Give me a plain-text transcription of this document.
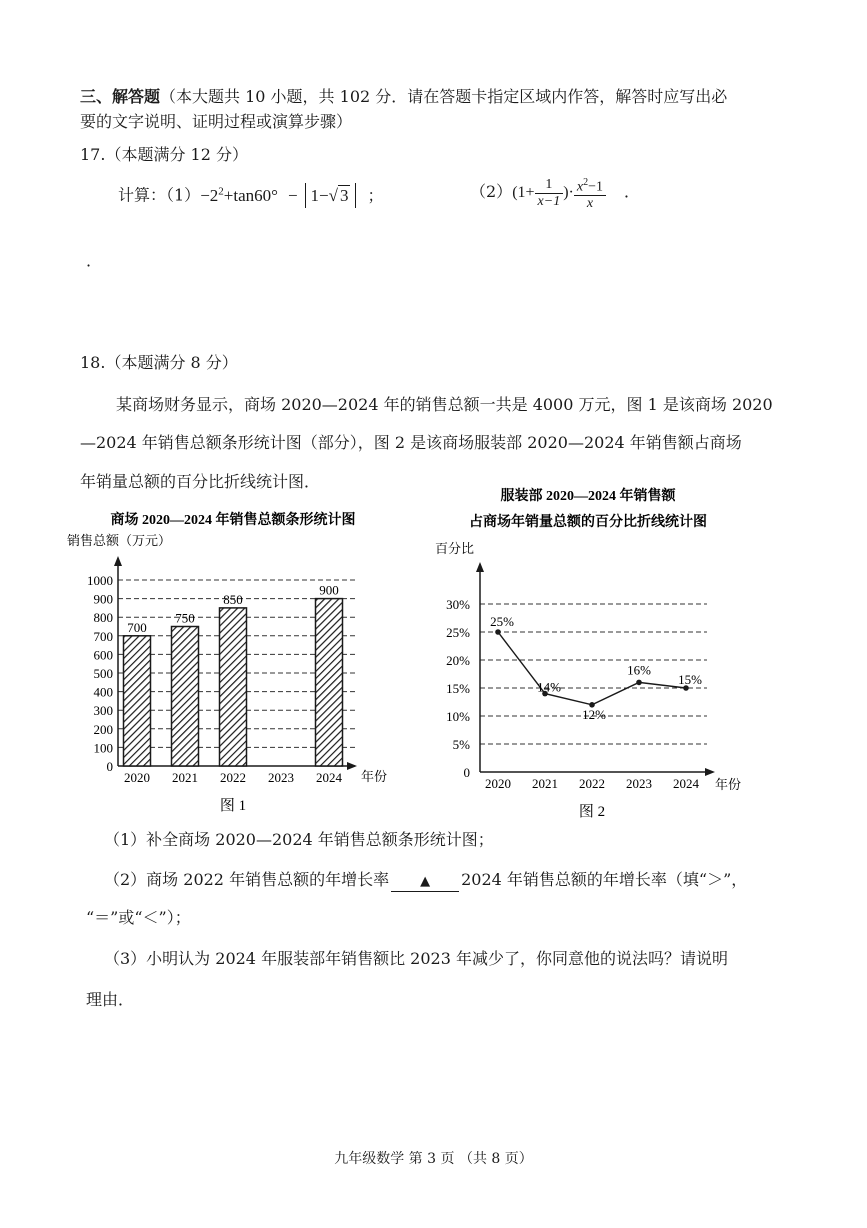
三、解答题（本大题共 10 小题，共 102 分．请在答题卡指定区域内作答，解答时应写出必
要的文字说明、证明过程或演算步骤）
17.（本题满分 12 分）
计算：$(1)-2^2+\tan 60^\circ - 1-√$ 3 ；	$(2)(1+ \frac{1}{x-1}$ )· $\frac{x^2-1}{x}$ ．
·
18.（本题满分 8 分）
某商场财务显示，商场 2020—2024 年的销售总额一共是 4000 万元，图 1 是该商场 2020
—2024 年销售总额条形统计图（部分），图 2 是该商场服装部 2020—2024 年销售额占商场
年销量总额的百分比折线统计图．
商场 2020—2024 年销售总额条形统计图
销售总额（万元）
0
100
200
300
400
500
600
700
800
900
1000
2020 2021 2022 2023 2024
700
750
850
900
年份
图 1
服装部 2020—2024 年销售额
占商场年销量总额的百分比折线统计图
百分比
0
5%
10%
15%
20%
25%
30%
2020 2021 2022 2023 2024
25%
14%
12%
16%
15%
年份
图 2
（1）补全商场 2020—2024 年销售总额条形统计图；
（2）商场 2022 年销售总额的年增长率 ▲ 2024 年销售总额的年增长率（填“＞”，
“＝”或“＜”）；
（3）小明认为 2024 年服装部年销售额比 2023 年减少了，你同意他的说法吗？请说明
理由．
九年级数学 第 3 页 （共 8 页）
